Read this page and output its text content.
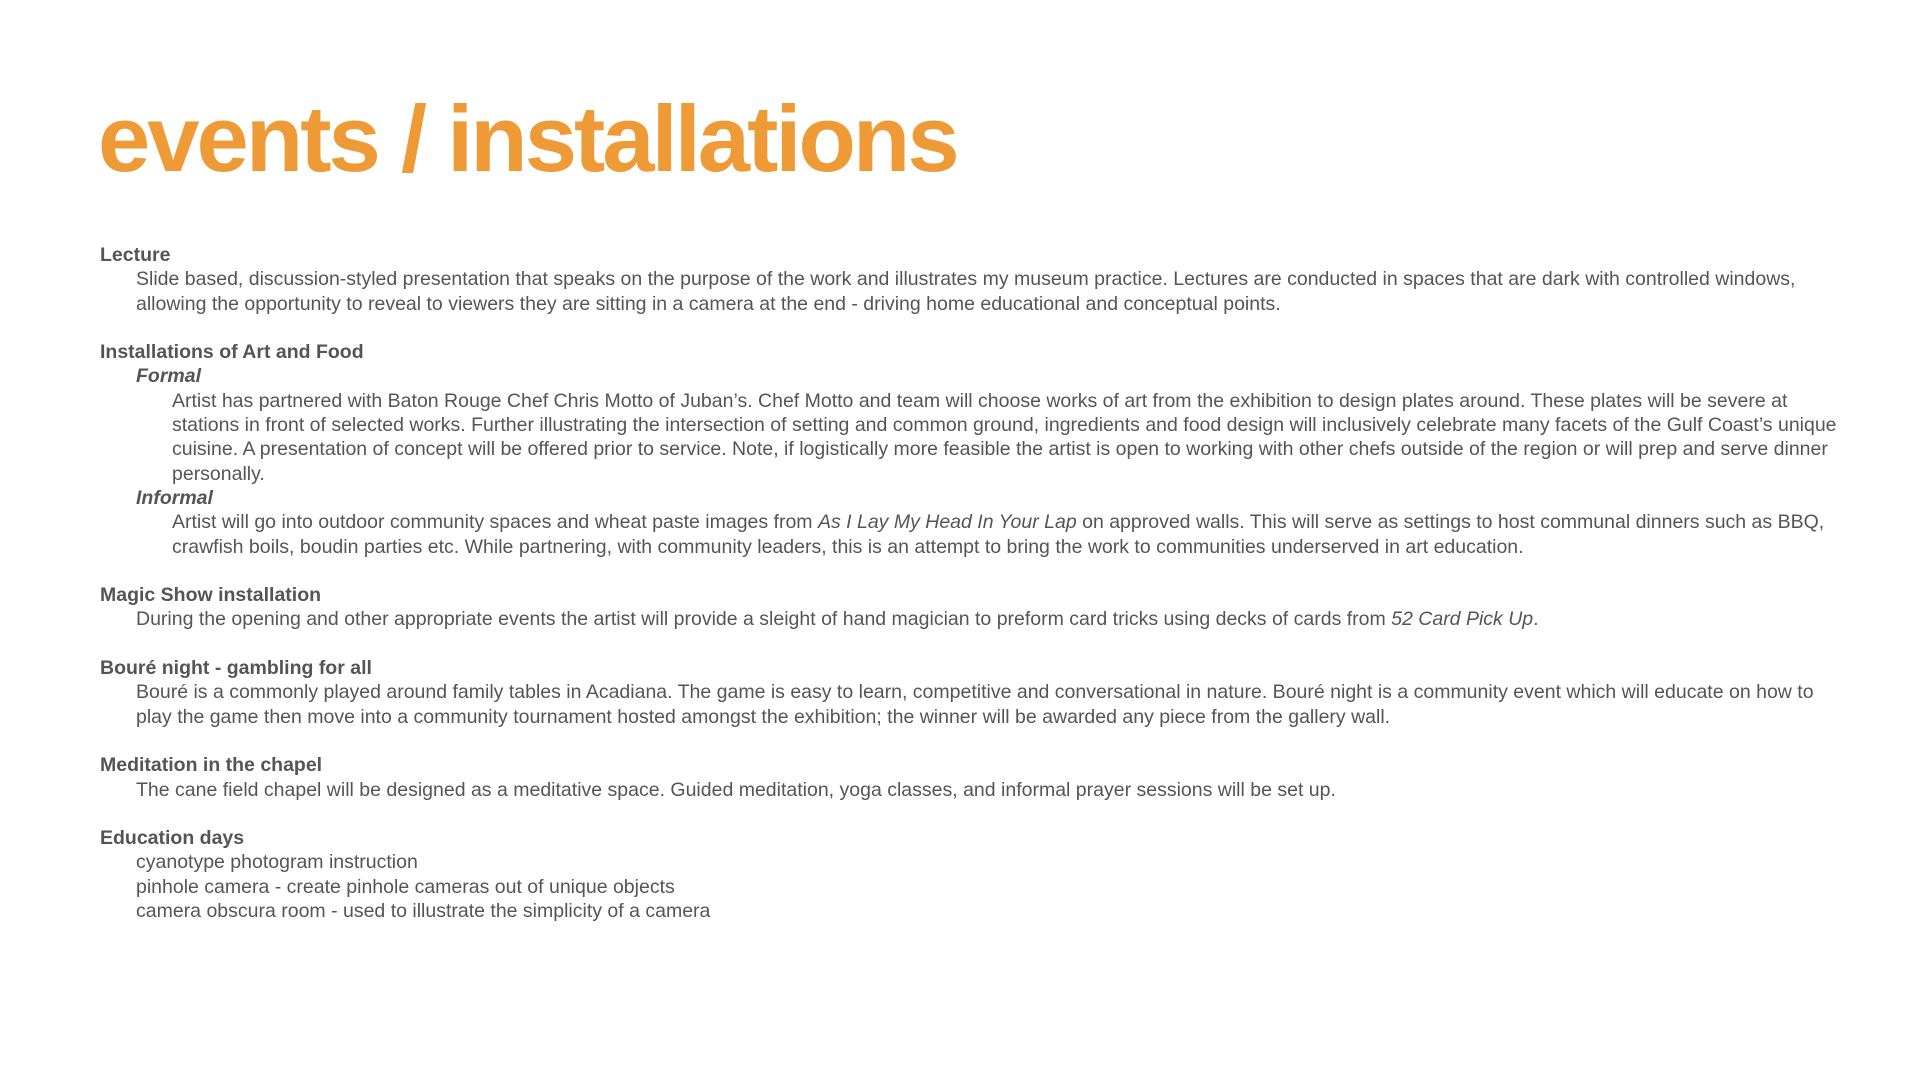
events / installations

Lecture

Slide based, discussion-styled presentation that speaks on the purpose of the work and illustrates my museum practice. Lectures are conducted in spaces that are dark with controlled windows, allowing the opportunity to reveal to viewers they are sitting in a camera at the end - driving home educational and conceptual points.

Installations of Art and Food

Formal

Artist has partnered with Baton Rouge Chef Chris Motto of Juban’s. Chef Motto and team will choose works of art from the exhibition to design plates around. These plates will be severe at stations in front of selected works. Further illustrating the intersection of setting and common ground, ingredients and food design will inclusively celebrate many facets of the Gulf Coast’s unique cuisine. A presentation of concept will be offered prior to service. Note, if logistically more feasible the artist is open to working with other chefs outside of the region or will prep and serve dinner personally.

Informal

Artist will go into outdoor community spaces and wheat paste images from As I Lay My Head In Your Lap on approved walls. This will serve as settings to host communal dinners such as BBQ, crawfish boils, boudin parties etc. While partnering, with community leaders, this is an attempt to bring the work to communities underserved in art education.

Magic Show installation

During the opening and other appropriate events the artist will provide a sleight of hand magician to preform card tricks using decks of cards from 52 Card Pick Up.

Bouré night - gambling for all

Bouré is a commonly played around family tables in Acadiana. The game is easy to learn, competitive and conversational in nature. Bouré night is a community event which will educate on how to play the game then move into a community tournament hosted amongst the exhibition; the winner will be awarded any piece from the gallery wall.

Meditation in the chapel

The cane field chapel will be designed as a meditative space. Guided meditation, yoga classes, and informal prayer sessions will be set up.

Education days

cyanotype photogram instruction
pinhole camera - create pinhole cameras out of unique objects
camera obscura room - used to illustrate the simplicity of a camera
